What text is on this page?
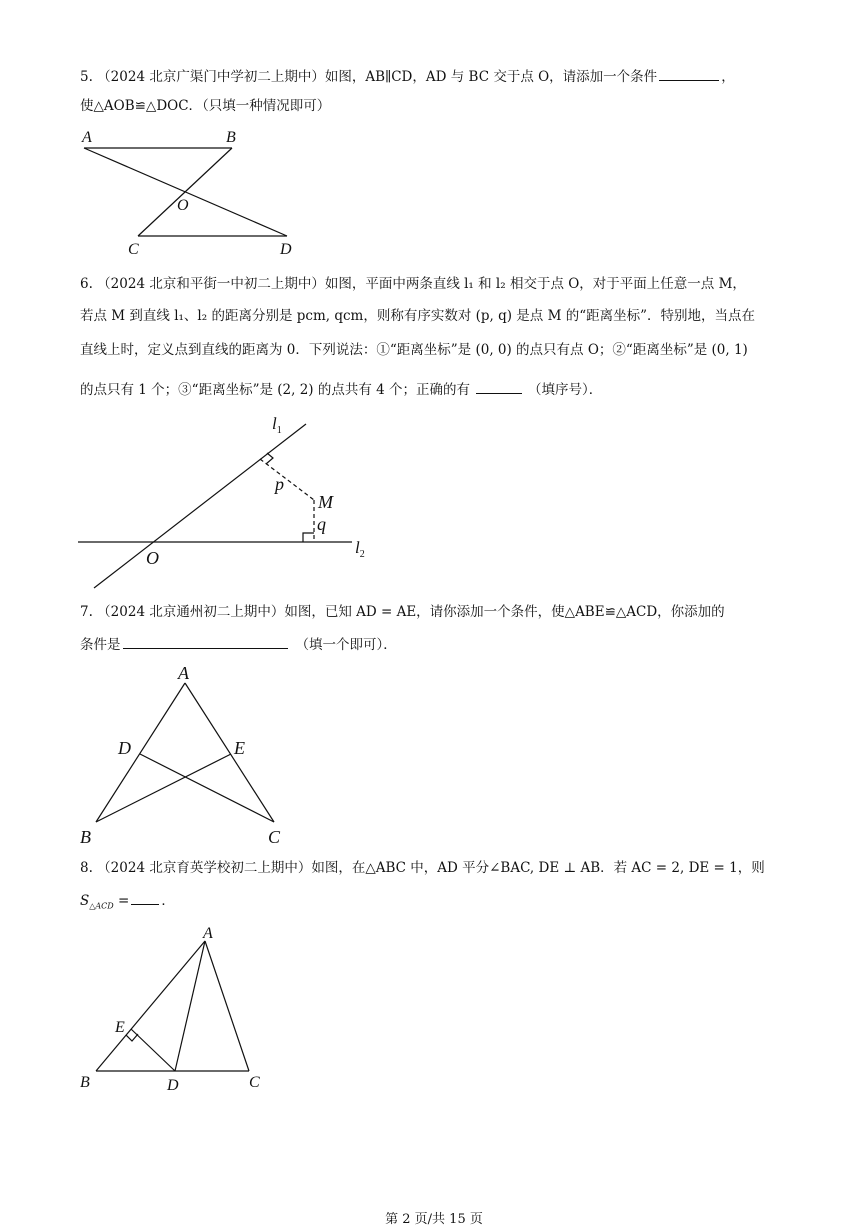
5. （2024 北京广渠门中学初二上期中）如图，AB∥CD，AD 与 BC 交于点 O，请添加一个条件	，
使△AOB≌△DOC．（只填一种情况即可）
A	B
C	D
O
6. （2024 北京和平街一中初二上期中）如图，平面中两条直线 l₁ 和 l₂ 相交于点 O，对于平面上任意一点 M，
若点 M 到直线 l₁、l₂ 的距离分别是 pcm, qcm，则称有序实数对 (p, q) 是点 M 的“距离坐标”．特别地，当点在
直线上时，定义点到直线的距离为 0．下列说法：①“距离坐标”是 (0, 0) 的点只有点 O；②“距离坐标”是 (0, 1)
的点只有 1 个；③“距离坐标”是 (2, 2) 的点共有 4 个；正确的有	（填序号）．
$l_1$
$l_2$
O
M
p
q
7. （2024 北京通州初二上期中）如图，已知 AD = AE，请你添加一个条件，使△ABE≌△ACD，你添加的
条件是	（填一个即可）．
A
B	C
D	E
8. （2024 北京育英学校初二上期中）如图，在△ABC 中，AD 平分∠BAC, DE ⊥ AB．若 AC = 2, DE = 1，则
$S_{\triangle ACD}$ = ．
A
B	C
D
E
第 2 页/共 15 页
